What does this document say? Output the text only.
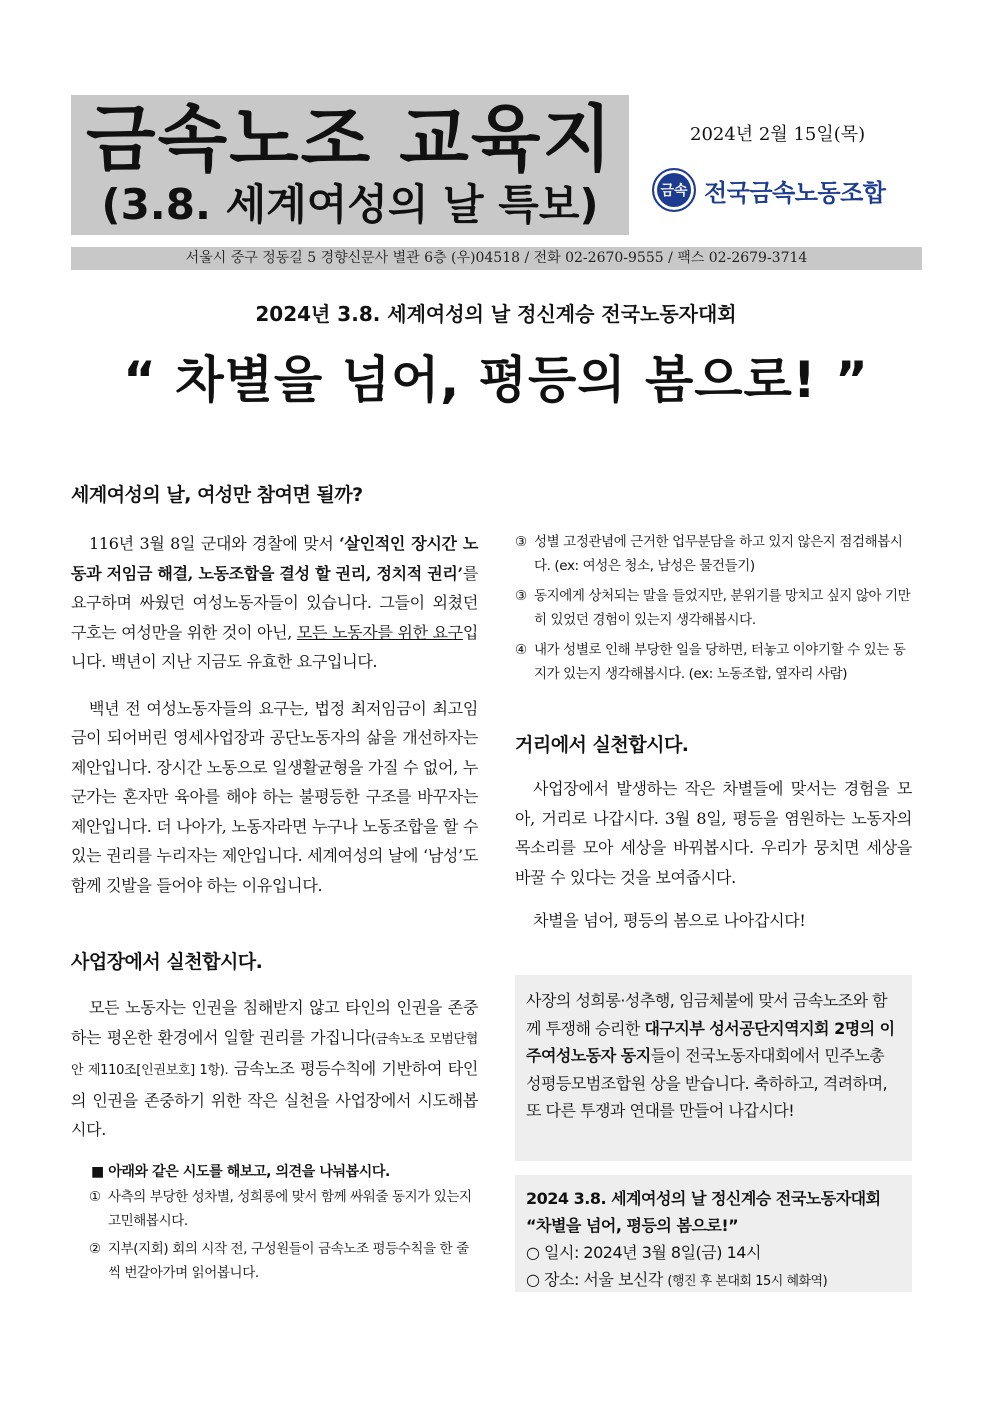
금속노조 교육지
(3.8. 세계여성의 날 특보)
2024년 2월 15일(목)
금속 전국금속노동조합
서울시 중구 정동길 5 경향신문사 별관 6층 (우)04518 / 전화 02-2670-9555 / 팩스 02-2679-3714
2024년 3.8. 세계여성의 날 정신계승 전국노동자대회
“ 차별을 넘어, 평등의 봄으로! ”
세계여성의 날, 여성만 참여면 될까?

116년 3월 8일 군대와 경찰에 맞서 ‘살인적인 장시간 노동과 저임금 해결, 노동조합을 결성 할 권리, 정치적 권리’를 요구하며 싸웠던 여성노동자들이 있습니다. 그들이 외쳤던 구호는 여성만을 위한 것이 아닌, 모든 노동자를 위한 요구입니다. 백년이 지난 지금도 유효한 요구입니다.

백년 전 여성노동자들의 요구는, 법정 최저임금이 최고임금이 되어버린 영세사업장과 공단노동자의 삶을 개선하자는 제안입니다. 장시간 노동으로 일생활균형을 가질 수 없어, 누군가는 혼자만 육아를 해야 하는 불평등한 구조를 바꾸자는 제안입니다. 더 나아가, 노동자라면 누구나 노동조합을 할 수 있는 권리를 누리자는 제안입니다. 세계여성의 날에 ‘남성’도 함께 깃발을 들어야 하는 이유입니다.

사업장에서 실천합시다.

모든 노동자는 인권을 침해받지 않고 타인의 인권을 존중하는 평온한 환경에서 일할 권리를 가집니다(금속노조 모범단협안 제110조[인권보호] 1항). 금속노조 평등수칙에 기반하여 타인의 인권을 존중하기 위한 작은 실천을 사업장에서 시도해봅시다.

■ 아래와 같은 시도를 해보고, 의견을 나눠봅시다.
① 사측의 부당한 성차별, 성희롱에 맞서 함께 싸워줄 동지가 있는지 고민해봅시다.
② 지부(지회) 회의 시작 전, 구성원들이 금속노조 평등수칙을 한 줄씩 번갈아가며 읽어봅니다.
③ 성별 고정관념에 근거한 업무분담을 하고 있지 않은지 점검해봅시다. (ex: 여성은 청소, 남성은 물건들기)
③ 동지에게 상처되는 말을 들었지만, 분위기를 망치고 싶지 않아 기만히 있었던 경험이 있는지 생각해봅시다.
④ 내가 성별로 인해 부당한 일을 당하면, 터놓고 이야기할 수 있는 동지가 있는지 생각해봅시다. (ex: 노동조합, 옆자리 사람)
거리에서 실천합시다.

사업장에서 발생하는 작은 차별들에 맞서는 경험을 모아, 거리로 나갑시다. 3월 8일, 평등을 염원하는 노동자의 목소리를 모아 세상을 바꿔봅시다. 우리가 뭉치면 세상을 바꿀 수 있다는 것을 보여줍시다.

차별을 넘어, 평등의 봄으로 나아갑시다!

사장의 성희롱·성추행, 임금체불에 맞서 금속노조와 함께 투쟁해 승리한 대구지부 성서공단지역지회 2명의 이주여성노동자 동지들이 전국노동자대회에서 민주노총 성평등모범조합원 상을 받습니다. 축하하고, 격려하며, 또 다른 투쟁과 연대를 만들어 나갑시다!

2024 3.8. 세계여성의 날 정신계승 전국노동자대회 “차별을 넘어, 평등의 봄으로!”

○ 일시: 2024년 3월 8일(금) 14시

○ 장소: 서울 보신각 (행진 후 본대회 15시 혜화역)
